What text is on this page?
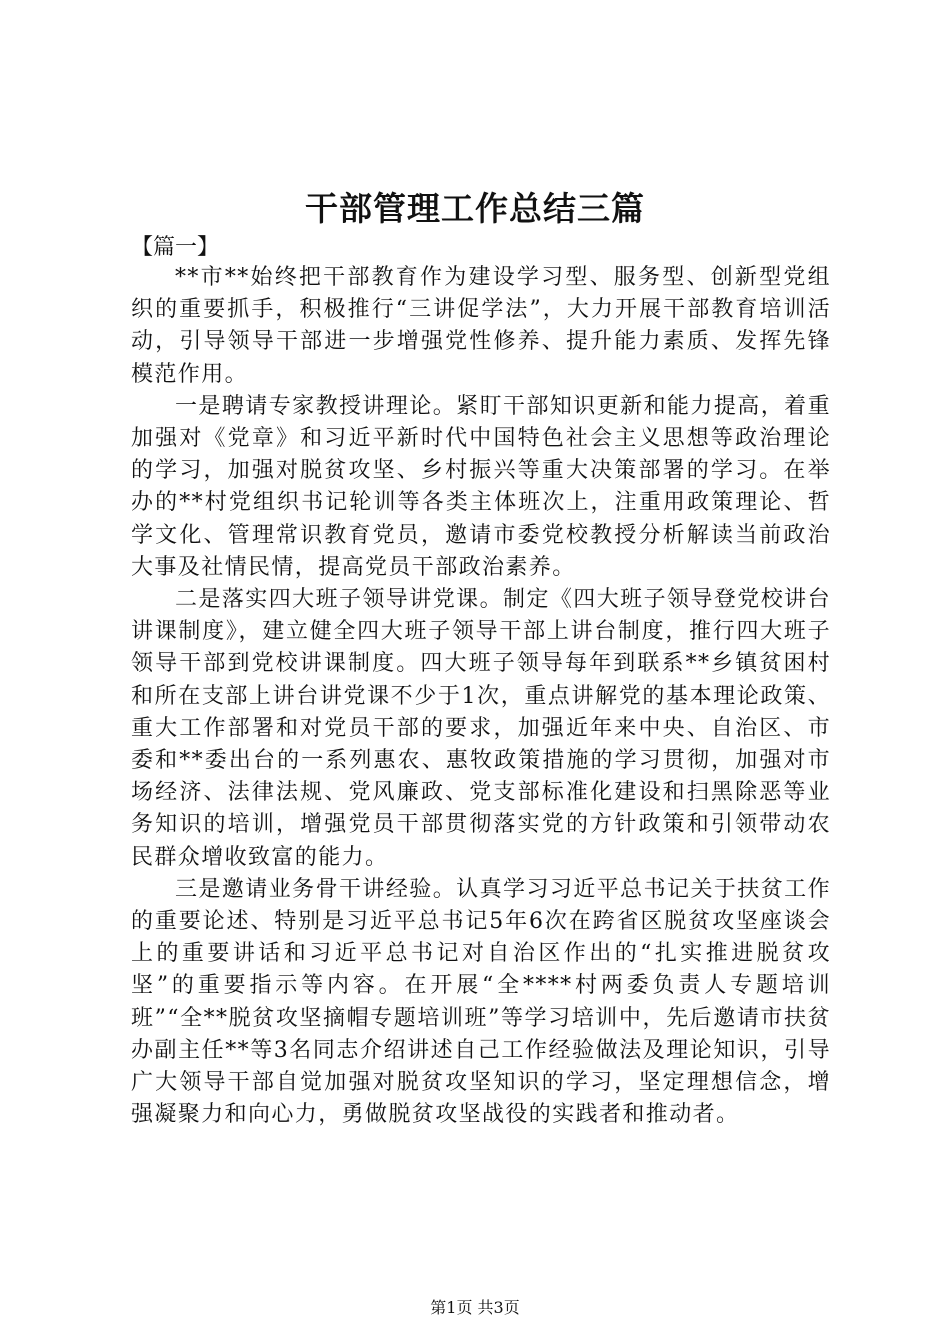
干部管理工作总结三篇
【篇一】

**市**始终把干部教育作为建设学习型、服务型、创新型党组织的重要抓手，积极推行“三讲促学法”，大力开展干部教育培训活动，引导领导干部进一步增强党性修养、提升能力素质、发挥先锋模范作用。

一是聘请专家教授讲理论。紧盯干部知识更新和能力提高，着重加强对《党章》和习近平新时代中国特色社会主义思想等政治理论的学习，加强对脱贫攻坚、乡村振兴等重大决策部署的学习。在举办的**村党组织书记轮训等各类主体班次上，注重用政策理论、哲学文化、管理常识教育党员，邀请市委党校教授分析解读当前政治大事及社情民情，提高党员干部政治素养。

二是落实四大班子领导讲党课。制定《四大班子领导登党校讲台讲课制度》，建立健全四大班子领导干部上讲台制度，推行四大班子领导干部到党校讲课制度。四大班子领导每年到联系**乡镇贫困村和所在支部上讲台讲党课不少于1次，重点讲解党的基本理论政策、重大工作部署和对党员干部的要求，加强近年来中央、自治区、市委和**委出台的一系列惠农、惠牧政策措施的学习贯彻，加强对市场经济、法律法规、党风廉政、党支部标准化建设和扫黑除恶等业务知识的培训，增强党员干部贯彻落实党的方针政策和引领带动农民群众增收致富的能力。

三是邀请业务骨干讲经验。认真学习习近平总书记关于扶贫工作的重要论述、特别是习近平总书记5年6次在跨省区脱贫攻坚座谈会上的重要讲话和习近平总书记对自治区作出的“扎实推进脱贫攻坚”的重要指示等内容。在开展“全****村两委负责人专题培训班”“全**脱贫攻坚摘帽专题培训班”等学习培训中，先后邀请市扶贫办副主任**等3名同志介绍讲述自己工作经验做法及理论知识，引导广大领导干部自觉加强对脱贫攻坚知识的学习，坚定理想信念，增强凝聚力和向心力，勇做脱贫攻坚战役的实践者和推动者。

第1页 共3页
